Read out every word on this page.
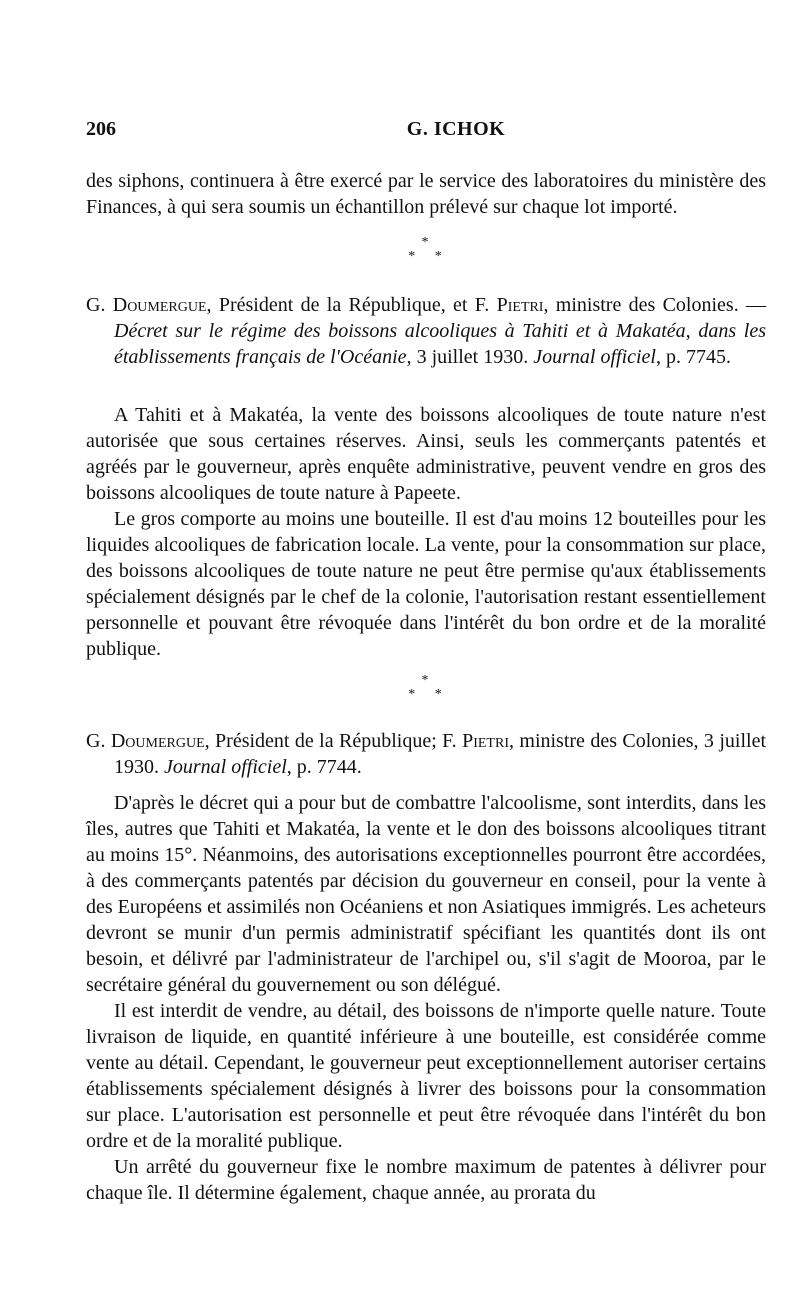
206	G. ICHOK

des siphons, continuera à être exercé par le service des laboratoires du ministère des Finances, à qui sera soumis un échantillon prélevé sur chaque lot importé.

*
* *

G. Doumergue, Président de la République, et F. Pietri, ministre des Colonies. — Décret sur le régime des boissons alcooliques à Tahiti et à Makatéa, dans les établissements français de l'Océanie, 3 juillet 1930. Journal officiel, p. 7745.

A Tahiti et à Makatéa, la vente des boissons alcooliques de toute nature n'est autorisée que sous certaines réserves. Ainsi, seuls les commerçants patentés et agréés par le gouverneur, après enquête administrative, peuvent vendre en gros des boissons alcooliques de toute nature à Papeete.

Le gros comporte au moins une bouteille. Il est d'au moins 12 bouteilles pour les liquides alcooliques de fabrication locale. La vente, pour la consommation sur place, des boissons alcooliques de toute nature ne peut être permise qu'aux établissements spécialement désignés par le chef de la colonie, l'autorisation restant essentiellement personnelle et pouvant être révoquée dans l'intérêt du bon ordre et de la moralité publique.

*
* *

G. Doumergue, Président de la République; F. Pietri, ministre des Colonies, 3 juillet 1930. Journal officiel, p. 7744.

D'après le décret qui a pour but de combattre l'alcoolisme, sont interdits, dans les îles, autres que Tahiti et Makatéa, la vente et le don des boissons alcooliques titrant au moins 15°. Néanmoins, des autorisations exceptionnelles pourront être accordées, à des commerçants patentés par décision du gouverneur en conseil, pour la vente à des Européens et assimilés non Océaniens et non Asiatiques immigrés. Les acheteurs devront se munir d'un permis administratif spécifiant les quantités dont ils ont besoin, et délivré par l'administrateur de l'archipel ou, s'il s'agit de Mooroa, par le secrétaire général du gouvernement ou son délégué.

Il est interdit de vendre, au détail, des boissons de n'importe quelle nature. Toute livraison de liquide, en quantité inférieure à une bouteille, est considérée comme vente au détail. Cependant, le gouverneur peut exceptionnellement autoriser certains établissements spécialement désignés à livrer des boissons pour la consommation sur place. L'autorisation est personnelle et peut être révoquée dans l'intérêt du bon ordre et de la moralité publique.

Un arrêté du gouverneur fixe le nombre maximum de patentes à délivrer pour chaque île. Il détermine également, chaque année, au prorata du
